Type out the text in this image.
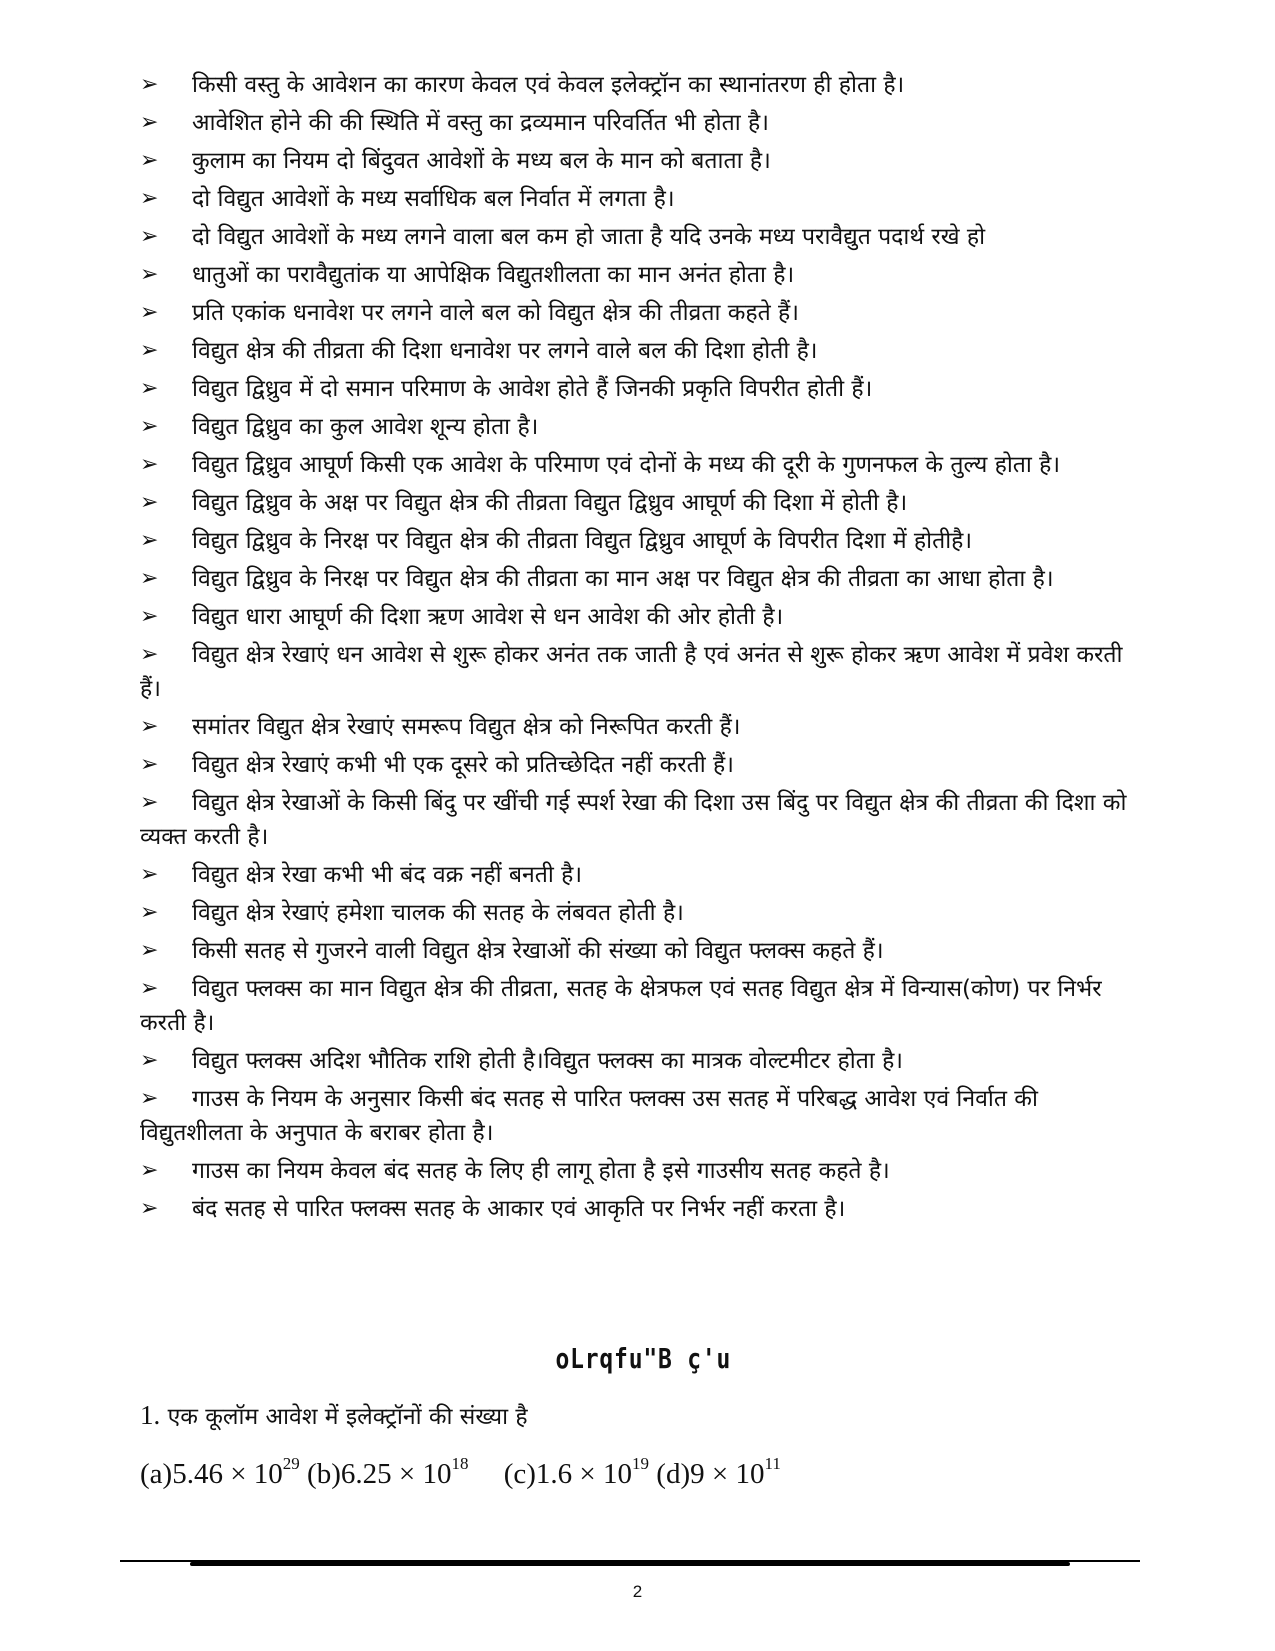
➢ किसी वस्तु के आवेशन का कारण केवल एवं केवल इलेक्ट्रॉन का स्थानांतरण ही होता है।
➢ आवेशित होने की की स्थिति में वस्तु का द्रव्यमान परिवर्तित भी होता है।
➢ कुलाम का नियम दो बिंदुवत आवेशों के मध्य बल के मान को बताता है।
➢ दो विद्युत आवेशों के मध्य सर्वाधिक बल निर्वात में लगता है।
➢ दो विद्युत आवेशों के मध्य लगने वाला बल कम हो जाता है यदि उनके मध्य परावैद्युत पदार्थ रखे हो
➢ धातुओं का परावैद्युतांक या आपेक्षिक विद्युतशीलता का मान अनंत होता है।
➢ प्रति एकांक धनावेश पर लगने वाले बल को विद्युत क्षेत्र की तीव्रता कहते हैं।
➢ विद्युत क्षेत्र की तीव्रता की दिशा धनावेश पर लगने वाले बल की दिशा होती है।
➢ विद्युत द्विध्रुव में दो समान परिमाण के आवेश होते हैं जिनकी प्रकृति विपरीत होती हैं।
➢ विद्युत द्विध्रुव का कुल आवेश शून्य होता है।
➢ विद्युत द्विध्रुव आघूर्ण किसी एक आवेश के परिमाण एवं दोनों के मध्य की दूरी के गुणनफल के तुल्य होता है।
➢ विद्युत द्विध्रुव के अक्ष पर विद्युत क्षेत्र की तीव्रता विद्युत द्विध्रुव आघूर्ण की दिशा में होती है।
➢ विद्युत द्विध्रुव के निरक्ष पर विद्युत क्षेत्र की तीव्रता विद्युत द्विध्रुव आघूर्ण के विपरीत दिशा में होतीहै।
➢ विद्युत द्विध्रुव के निरक्ष पर विद्युत क्षेत्र की तीव्रता का मान अक्ष पर विद्युत क्षेत्र की तीव्रता का आधा होता है।
➢ विद्युत धारा आघूर्ण की दिशा ऋण आवेश से धन आवेश की ओर होती है।
➢ विद्युत क्षेत्र रेखाएं धन आवेश से शुरू होकर अनंत तक जाती है एवं अनंत से शुरू होकर ऋण आवेश में प्रवेश करती हैं।
➢ समांतर विद्युत क्षेत्र रेखाएं समरूप विद्युत क्षेत्र को निरूपित करती हैं।
➢ विद्युत क्षेत्र रेखाएं कभी भी एक दूसरे को प्रतिच्छेदित नहीं करती हैं।
➢ विद्युत क्षेत्र रेखाओं के किसी बिंदु पर खींची गई स्पर्श रेखा की दिशा उस बिंदु पर विद्युत क्षेत्र की तीव्रता की दिशा को व्यक्त करती है।
➢ विद्युत क्षेत्र रेखा कभी भी बंद वक्र नहीं बनती है।
➢ विद्युत क्षेत्र रेखाएं हमेशा चालक की सतह के लंबवत होती है।
➢ किसी सतह से गुजरने वाली विद्युत क्षेत्र रेखाओं की संख्या को विद्युत फ्लक्स कहते हैं।
➢ विद्युत फ्लक्स का मान विद्युत क्षेत्र की तीव्रता, सतह के क्षेत्रफल एवं सतह विद्युत क्षेत्र में विन्यास(कोण) पर निर्भर करती है।
➢ विद्युत फ्लक्स अदिश भौतिक राशि होती है।विद्युत फ्लक्स का मात्रक वोल्टमीटर होता है।
➢ गाउस के नियम के अनुसार किसी बंद सतह से पारित फ्लक्स उस सतह में परिबद्ध आवेश एवं निर्वात की विद्युतशीलता के अनुपात के बराबर होता है।
➢ गाउस का नियम केवल बंद सतह के लिए ही लागू होता है इसे गाउसीय सतह कहते है।
➢ बंद सतह से पारित फ्लक्स सतह के आकार एवं आकृति पर निर्भर नहीं करता है।
oLrqfu"B ç'u
1. एक कूलॉम आवेश में इलेक्ट्रॉनों की संख्या है
$(a)5.46 \times 10^{29}$ $(b)6.25 \times 10^{18}$ $(c)1.6 \times 10^{19}$ $(d)9 \times 10^{11}$
2
